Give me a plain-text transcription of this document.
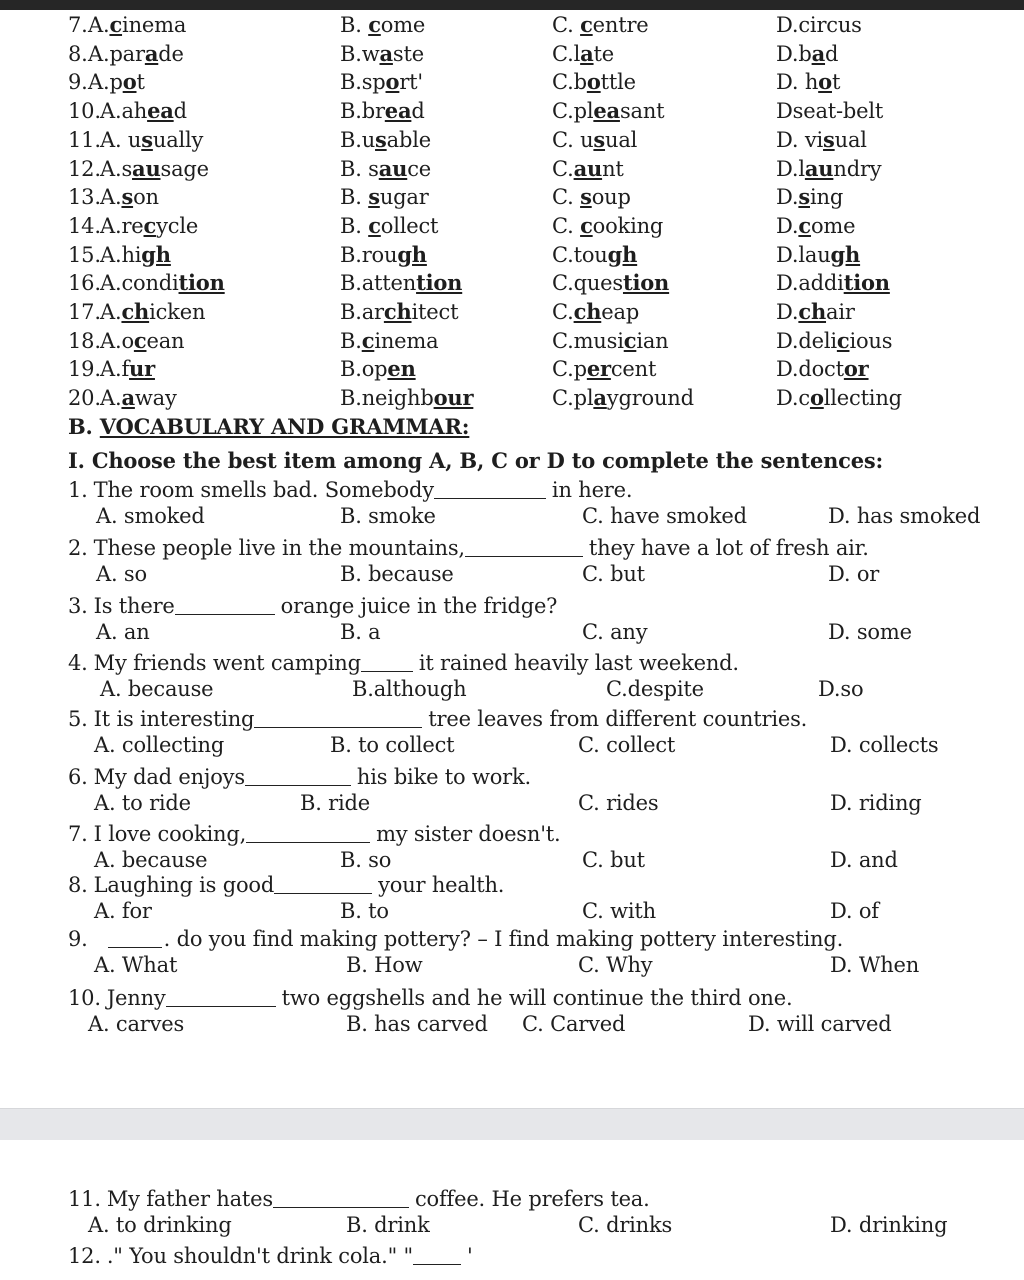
7. A.cinema	B. come	C. centre	D.circus
8. A.parade	B.waste	C.late	D.bad
9. A.pot	B.sport'	C.bottle	D. hot
10. A.ahead	B.bread	C.pleasant	Dseat-belt
11. A. usually	B.usable	C. usual	D. visual
12. A.sausage	B. sauce	C.aunt	D.laundry
13. A.son	B. sugar	C. soup	D.sing
14. A.recycle	B. collect	C. cooking	D.come
15. A.high	B.rough	C.tough	D.laugh
16. A.condition	B.attention	C.question	D.addition
17. A.chicken	B.architect	C.cheap	D.chair
18. A.ocean	B.cinema	C.musician	D.delicious
19. A.fur	B.open	C.percent	D.doctor
20. A.away	B.neighbour	C.playground	D.collecting
B. VOCABULARY AND GRAMMAR:
I. Choose the best item among A, B, C or D to complete the sentences:
1. The room smells bad. Somebody	in here.
A. smoked	B. smoke	C. have smoked	D. has smoked
2. These people live in the mountains,	they have a lot of fresh air.
A. so	B. because	C. but	D. or
3. Is there	orange juice in the fridge?
A. an	B. a	C. any	D. some
4. My friends went camping	it rained heavily last weekend.
A. because	B.although	C.despite	D.so
5. It is interesting	tree leaves from different countries.
A. collecting	B. to collect	C. collect	D. collects
6. My dad enjoys	his bike to work.
A. to ride	B. ride	C. rides	D. riding
7. I love cooking,	my sister doesn't.
A. because	B. so	C. but	D. and
8. Laughing is good	your health.
A. for	B. to	C. with	D. of
9.	. do you find making pottery? – I find making pottery interesting.
A. What	B. How	C. Why	D. When
10. Jenny	two eggshells and he will continue the third one.
A. carves	B. has carved C. Carved	D. will carved
11. My father hates	coffee. He prefers tea.
A. to drinking	B. drink	C. drinks	D. drinking
12. ." You shouldn't drink cola." "	'
